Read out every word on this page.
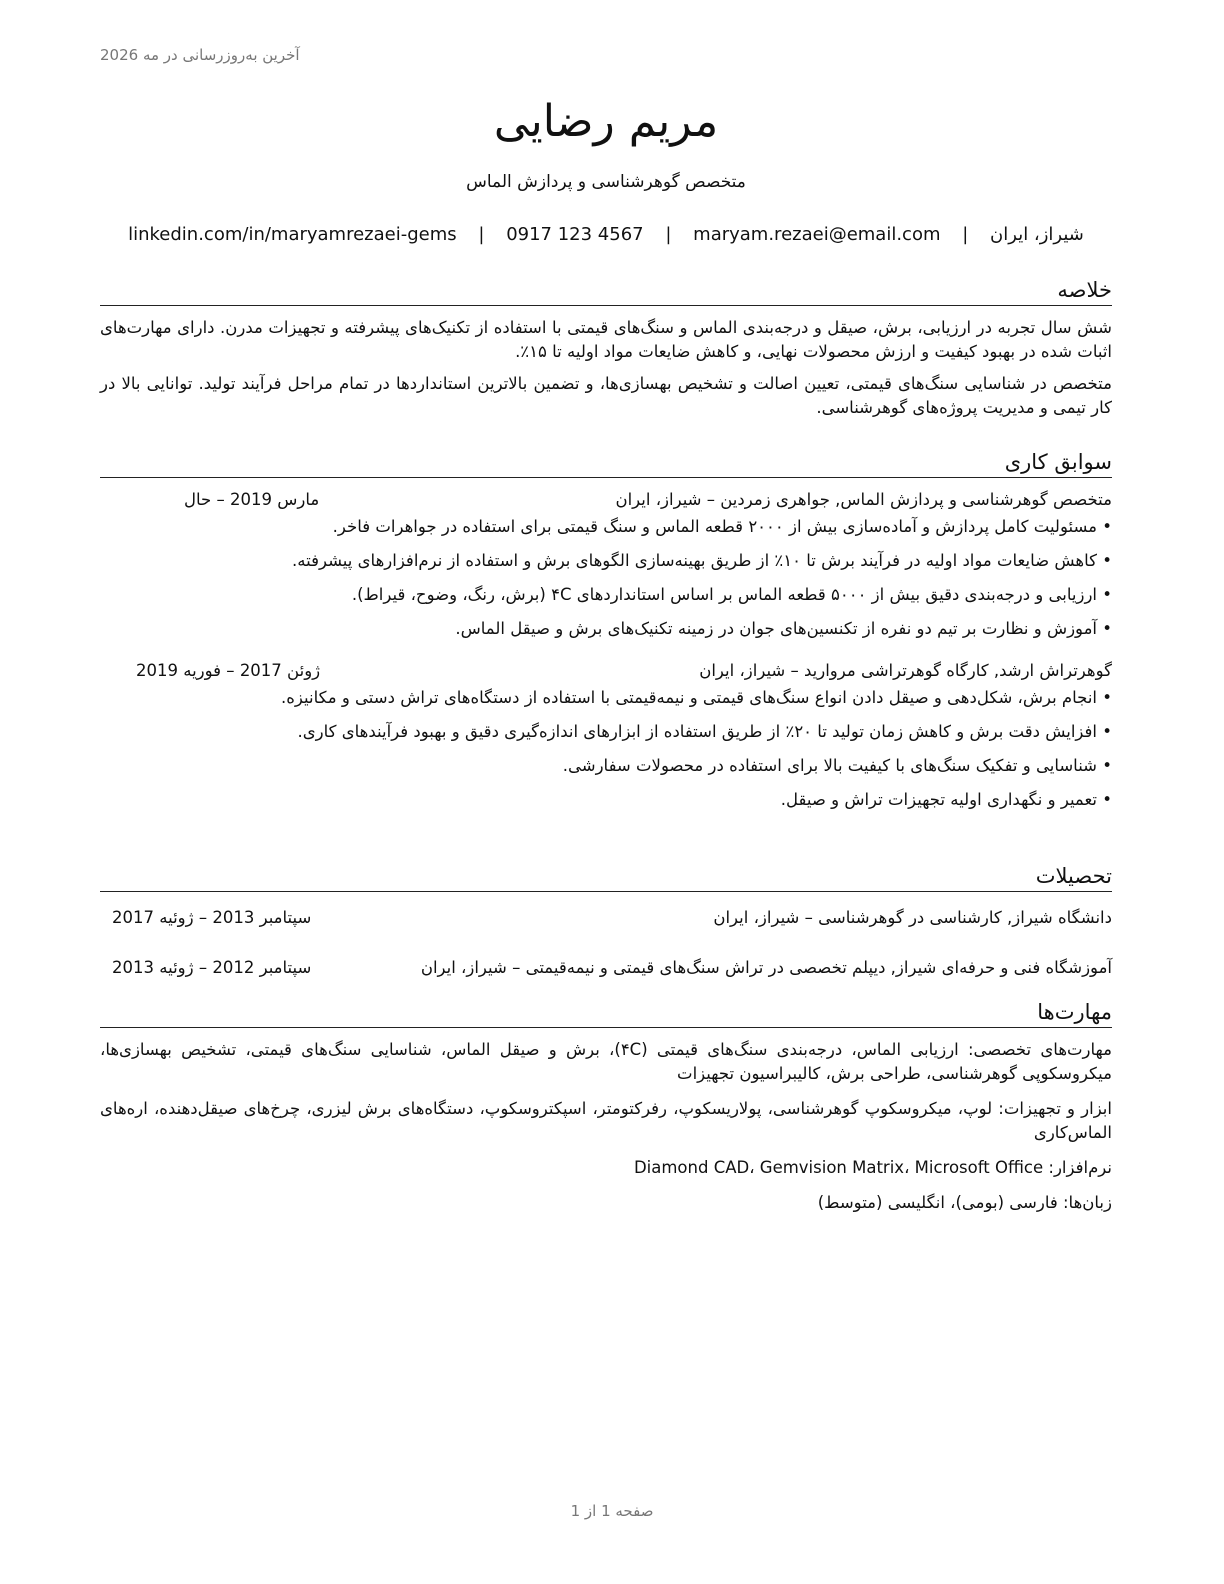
آخرین به‌روزرسانی در مه 2026
مریم رضایی
متخصص گوهرشناسی و پردازش الماس
شیراز، ایران | maryam.rezaei@email.com | 0917 123 4567 | linkedin.com/in/maryamrezaei-gems
خلاصه

شش سال تجربه در ارزیابی، برش، صیقل و درجه‌بندی الماس و سنگ‌های قیمتی با استفاده از تکنیک‌های پیشرفته و تجهیزات مدرن. دارای مهارت‌های اثبات شده در بهبود کیفیت و ارزش محصولات نهایی، و کاهش ضایعات مواد اولیه تا ۱۵٪.

متخصص در شناسایی سنگ‌های قیمتی، تعیین اصالت و تشخیص بهسازی‌ها، و تضمین بالاترین استانداردها در تمام مراحل فرآیند تولید. توانایی بالا در کار تیمی و مدیریت پروژه‌های گوهرشناسی.

سوابق کاری
متخصص گوهرشناسی و پردازش الماس, جواهری زمردین – شیراز، ایران
مارس 2019 – حال
• مسئولیت کامل پردازش و آماده‌سازی بیش از ۲۰۰۰ قطعه الماس و سنگ قیمتی برای استفاده در جواهرات فاخر.
• کاهش ضایعات مواد اولیه در فرآیند برش تا ۱۰٪ از طریق بهینه‌سازی الگوهای برش و استفاده از نرم‌افزارهای پیشرفته.
• ارزیابی و درجه‌بندی دقیق بیش از ۵۰۰۰ قطعه الماس بر اساس استانداردهای ۴C (برش، رنگ، وضوح، قیراط).
• آموزش و نظارت بر تیم دو نفره از تکنسین‌های جوان در زمینه تکنیک‌های برش و صیقل الماس.
گوهرتراش ارشد, کارگاه گوهرتراشی مروارید – شیراز، ایران
ژوئن 2017 – فوریه 2019
• انجام برش، شکل‌دهی و صیقل دادن انواع سنگ‌های قیمتی و نیمه‌قیمتی با استفاده از دستگاه‌های تراش دستی و مکانیزه.
• افزایش دقت برش و کاهش زمان تولید تا ۲۰٪ از طریق استفاده از ابزارهای اندازه‌گیری دقیق و بهبود فرآیندهای کاری.
• شناسایی و تفکیک سنگ‌های با کیفیت بالا برای استفاده در محصولات سفارشی.
• تعمیر و نگهداری اولیه تجهیزات تراش و صیقل.
تحصیلات
دانشگاه شیراز, کارشناسی در گوهرشناسی – شیراز، ایران
سپتامبر 2013 – ژوئیه 2017
آموزشگاه فنی و حرفه‌ای شیراز, دیپلم تخصصی در تراش سنگ‌های قیمتی و نیمه‌قیمتی – شیراز، ایران
سپتامبر 2012 – ژوئیه 2013
مهارت‌ها
مهارت‌های تخصصی: ارزیابی الماس، درجه‌بندی سنگ‌های قیمتی (۴C)، برش و صیقل الماس، شناسایی سنگ‌های قیمتی، تشخیص بهسازی‌ها، میکروسکوپی گوهرشناسی، طراحی برش، کالیبراسیون تجهیزات
ابزار و تجهیزات: لوپ، میکروسکوپ گوهرشناسی، پولاریسکوپ، رفرکتومتر، اسپکتروسکوپ، دستگاه‌های برش لیزری، چرخ‌های صیقل‌دهنده، اره‌های الماس‌کاری
نرم‌افزار: Diamond CAD، Gemvision Matrix، Microsoft Office
زبان‌ها: فارسی (بومی)، انگلیسی (متوسط)
صفحه 1 از 1
